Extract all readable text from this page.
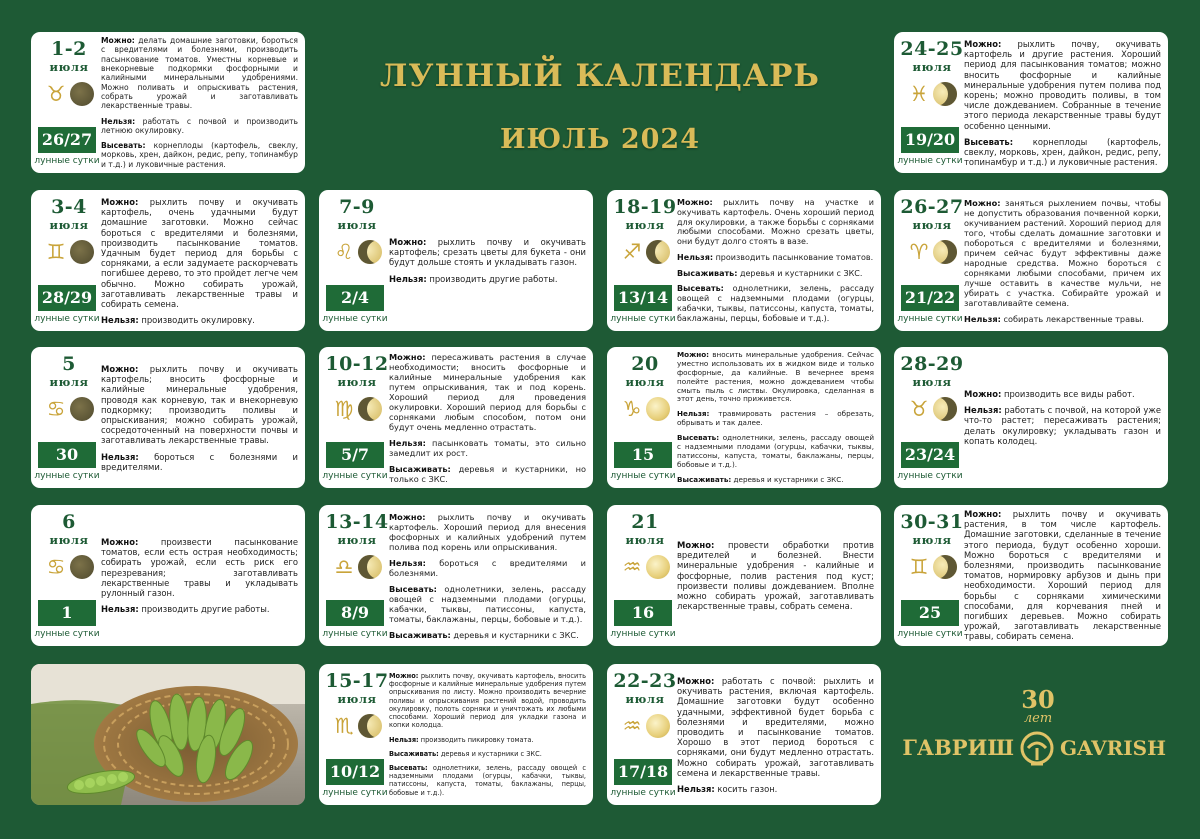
ЛУННЫЙ КАЛЕНДАРЬ
ИЮЛЬ 2024
30
лет
ГАВРИШ GAVRISH
1-2
июля
♉
26/27
лунные сутки

Можно: делать домашние заготовки, бороться с вредителями и болезнями, производить пасынкование томатов. Уместны корневые и внекорневые подкормки фосфорными и калийными минеральными удобрениями. Можно поливать и опрыскивать растения, собрать урожай и заготавливать лекарственные травы.

Нельзя: работать с почвой и производить летнюю окулировку.

Высевать: корнеплоды (картофель, свеклу, морковь, хрен, дайкон, редис, репу, топинамбур и т.д.) и луковичные растения.

24-25
июля
♓
19/20
лунные сутки

Можно: рыхлить почву, окучивать картофель и другие растения. Хороший период для пасынкования томатов; можно вносить фосфорные и калийные минеральные удобрения путем полива под корень; можно проводить поливы, в том числе дождеванием. Собранные в течение этого периода лекарственные травы будут особенно ценными.

Высевать: корнеплоды (картофель, свеклу, морковь, хрен, дайкон, редис, репу, топинамбур и т.д.) и луковичные растения.

3-4
июля
♊
28/29
лунные сутки

Можно: рыхлить почву и окучивать картофель, очень удачными будут домашние заготовки. Можно сейчас бороться с вредителями и болезнями, производить пасынкование томатов. Удачным будет период для борьбы с сорняками, а если задумаете раскорчевать погибшее дерево, то это пройдет легче чем обычно. Можно собирать урожай, заготавливать лекарственные травы и собирать семена.

Нельзя: производить окулировку.

7-9
июля
♌
2/4
лунные сутки

Можно: рыхлить почву и окучивать картофель; срезать цветы для букета - они будут дольше стоять и укладывать газон.

Нельзя: производить другие работы.

18-19
июля
♐
13/14
лунные сутки

Можно: рыхлить почву на участке и окучивать картофель. Очень хороший период для окулировки, а также борьбы с сорняками любыми способами. Можно срезать цветы, они будут долго стоять в вазе.

Нельзя: производить пасынкование томатов.

Высаживать: деревья и кустарники с ЗКС.

Высевать: однолетники, зелень, рассаду овощей с надземными плодами (огурцы, кабачки, тыквы, патиссоны, капуста, томаты, баклажаны, перцы, бобовые и т.д.).

26-27
июля
♈
21/22
лунные сутки

Можно: заняться рыхлением почвы, чтобы не допустить образования почвенной корки, окучиванием растений. Хороший период для того, чтобы сделать домашние заготовки и побороться с вредителями и болезнями, причем сейчас будут эффективны даже народные средства. Можно бороться с сорняками любыми способами, причем их лучше оставить в качестве мульчи, не убирать с участка. Собирайте урожай и заготавливайте семена.

Нельзя: собирать лекарственные травы.

5
июля
♋
30
лунные сутки

Можно: рыхлить почву и окучивать картофель; вносить фосфорные и калийные минеральные удобрения, проводя как корневую, так и внекорневую подкормку; производить поливы и опрыскивания; можно собирать урожай, сосредоточенный на поверхности почвы и заготавливать лекарственные травы.

Нельзя: бороться с болезнями и вредителями.

10-12
июля
♍
5/7
лунные сутки

Можно: пересаживать растения в случае необходимости; вносить фосфорные и калийные минеральные удобрения как путем опрыскивания, так и под корень. Хороший период для проведения окулировки. Хороший период для борьбы с сорняками любым способом, потом они будут очень медленно отрастать.

Нельзя: пасынковать томаты, это сильно замедлит их рост.

Высаживать: деревья и кустарники, но только с ЗКС.

20
июля
♑
15
лунные сутки

Можно: вносить минеральные удобрения. Сейчас уместно использовать их в жидком виде и только фосфорные, да калийные. В вечернее время полейте растения, можно дождеванием чтобы смыть пыль с листвы. Окулировка, сделанная в этот день, точно приживется.

Нельзя: травмировать растения – обрезать, обрывать и так далее.

Высевать: однолетники, зелень, рассаду овощей с надземными плодами (огурцы, кабачки, тыквы, патиссоны, капуста, томаты, баклажаны, перцы, бобовые и т.д.).

Высаживать: деревья и кустарники с ЗКС.

28-29
июля
♉
23/24
лунные сутки

Можно: производить все виды работ.

Нельзя: работать с почвой, на которой уже что-то растет; пересаживать растения; делать окулировку; укладывать газон и копать колодец.

6
июля
♋
1
лунные сутки

Можно: произвести пасынкование томатов, если есть острая необходимость; собирать урожай, если есть риск его перезревания; заготавливать лекарственные травы и укладывать рулонный газон.

Нельзя: производить другие работы.

13-14
июля
♎
8/9
лунные сутки

Можно: рыхлить почву и окучивать картофель. Хороший период для внесения фосфорных и калийных удобрений путем полива под корень или опрыскивания.

Нельзя: бороться с вредителями и болезнями.

Высевать: однолетники, зелень, рассаду овощей с надземными плодами (огурцы, кабачки, тыквы, патиссоны, капуста, томаты, баклажаны, перцы, бобовые и т.д.).

Высаживать: деревья и кустарники с ЗКС.

21
июля
♒
16
лунные сутки

Можно: провести обработки против вредителей и болезней. Внести минеральные удобрения - калийные и фосфорные, полив растения под куст; произвести поливы дождеванием. Вполне можно собирать урожай, заготавливать лекарственные травы, собрать семена.

30-31
июля
♊
25
лунные сутки

Можно: рыхлить почву и окучивать растения, в том числе картофель. Домашние заготовки, сделанные в течение этого периода, будут особенно хороши. Можно бороться с вредителями и болезнями, производить пасынкование томатов, нормировку арбузов и дынь при необходимости. Хороший период для борьбы с сорняками химическими способами, для корчевания пней и погибших деревьев. Можно собирать урожай, заготавливать лекарственные травы, собирать семена.

15-17
июля
♏
10/12
лунные сутки

Можно: рыхлить почву, окучивать картофель, вносить фосфорные и калийные минеральные удобрения путем опрыскивания по листу. Можно производить вечерние поливы и опрыскивания растений водой, проводить окулировку, полоть сорняки и уничтожать их любыми способами. Хороший период для укладки газона и копки колодца.

Нельзя: производить пикировку томата.

Высаживать: деревья и кустарники с ЗКС.

Высевать: однолетники, зелень, рассаду овощей с надземными плодами (огурцы, кабачки, тыквы, патиссоны, капуста, томаты, баклажаны, перцы, бобовые и т.д.).

22-23
июля
♒
17/18
лунные сутки

Можно: работать с почвой: рыхлить и окучивать растения, включая картофель. Домашние заготовки будут особенно удачными, эффективной будет борьба с болезнями и вредителями, можно проводить и пасынкование томатов. Хорошо в этот период бороться с сорняками, они будут медленно отрастать. Можно собирать урожай, заготавливать семена и лекарственные травы.

Нельзя: косить газон.
